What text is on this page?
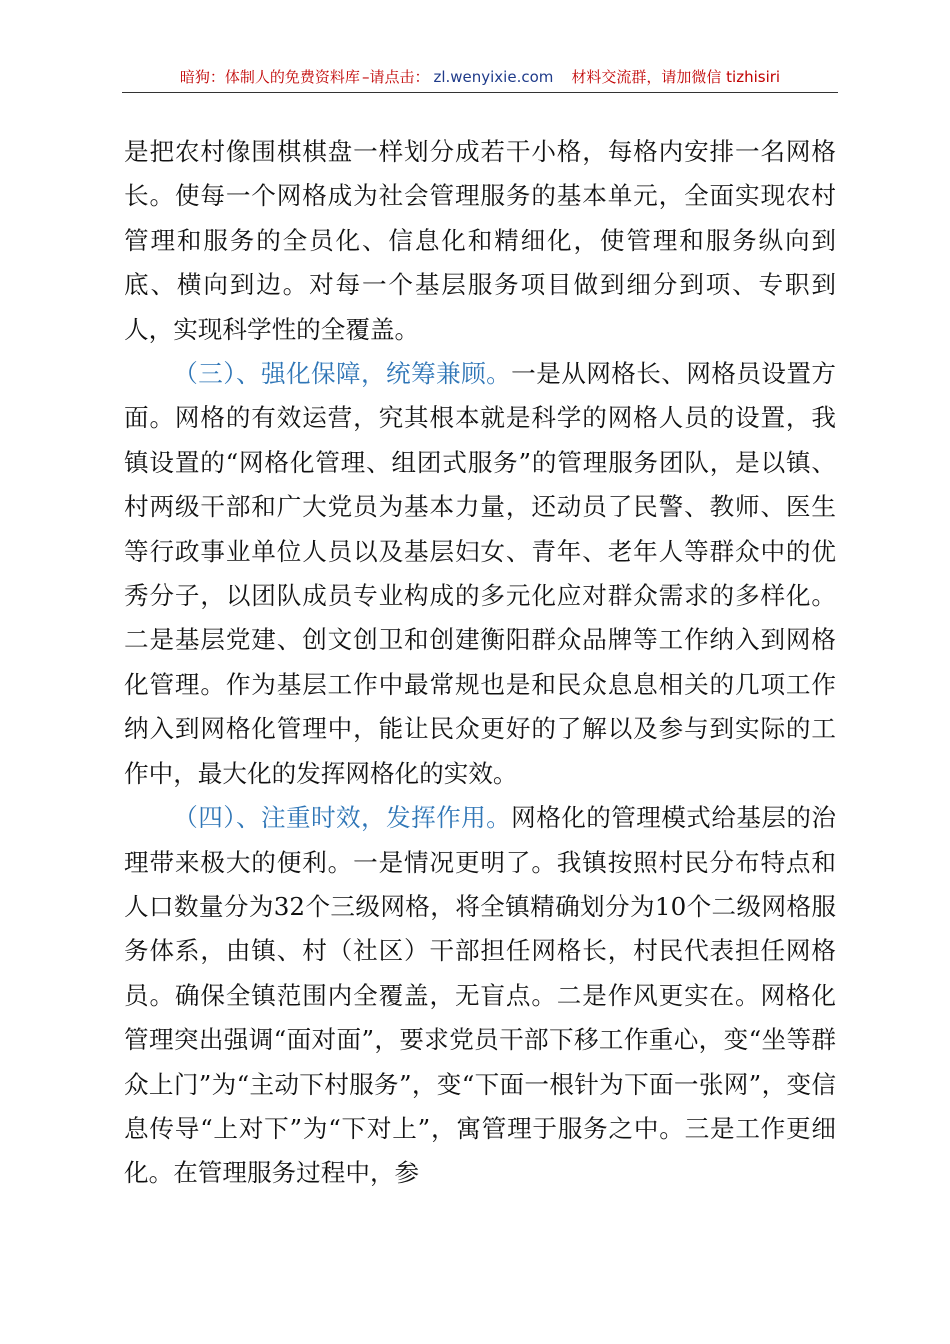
暗狗：体制人的免费资料库 – 请点击： zl.wenyixie.com 材料交流群，请加微信 tizhisiri

是把农村像围棋棋盘一样划分成若干小格，每格内安排一名网格长。使每一个网格成为社会管理服务的基本单元，全面实现农村管理和服务的全员化、信息化和精细化，使管理和服务纵向到底、横向到边。对每一个基层服务项目做到细分到项、专职到人，实现科学性的全覆盖。

（三）、强化保障，统筹兼顾。一是从网格长、网格员设置方面。网格的有效运营，究其根本就是科学的网格人员的设置，我镇设置的“网格化管理、组团式服务”的管理服务团队，是以镇、村两级干部和广大党员为基本力量，还动员了民警、教师、医生等行政事业单位人员以及基层妇女、青年、老年人等群众中的优秀分子，以团队成员专业构成的多元化应对群众需求的多样化。二是基层党建、创文创卫和创建衡阳群众品牌等工作纳入到网格化管理。作为基层工作中最常规也是和民众息息相关的几项工作纳入到网格化管理中，能让民众更好的了解以及参与到实际的工作中，最大化的发挥网格化的实效。

（四）、注重时效，发挥作用。网格化的管理模式给基层的治理带来极大的便利。一是情况更明了。我镇按照村民分布特点和人口数量分为32个三级网格，将全镇精确划分为10个二级网格服务体系，由镇、村（社区）干部担任网格长，村民代表担任网格员。确保全镇范围内全覆盖，无盲点。二是作风更实在。网格化管理突出强调“面对面”，要求党员干部下移工作重心，变“坐等群众上门”为“主动下村服务”，变“下面一根针为下面一张网”，变信息传导“上对下”为“下对上”，寓管理于服务之中。三是工作更细化。在管理服务过程中，参
